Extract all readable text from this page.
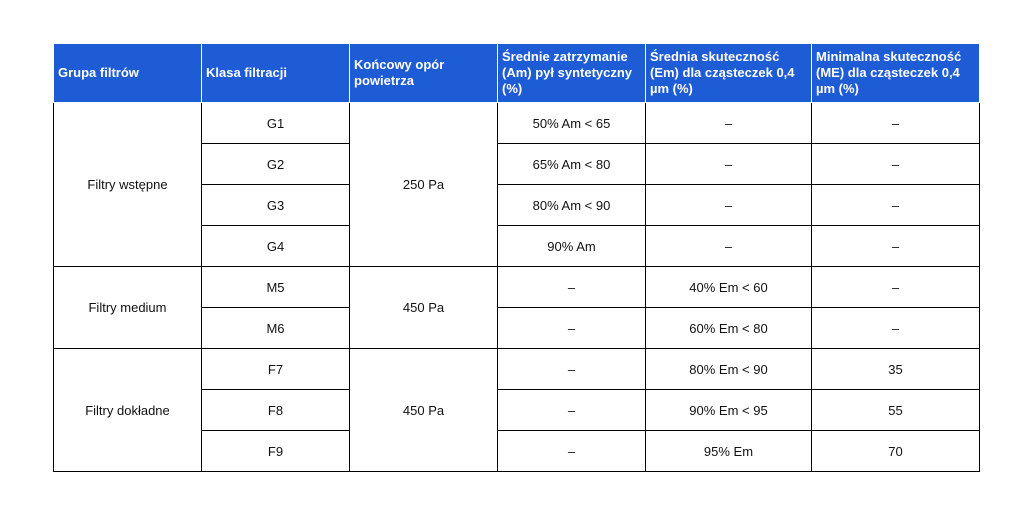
Grupa filtrów	Klasa filtracji	Końcowy opór powietrza	Średnie zatrzymanie (Am) pył syntetyczny (%)	Średnia skuteczność (Em) dla cząsteczek 0,4 µm (%)	Minimalna skuteczność (ME) dla cząsteczek 0,4 µm (%)
Filtry wstępne	G1	250 Pa	50% Am < 65	–	–
	G2		65% Am < 80	–	–
	G3		80% Am < 90	–	–
	G4		90% Am	–	–
Filtry medium	M5	450 Pa	–	40% Em < 60	–
	M6		–	60% Em < 80	–
Filtry dokładne	F7	450 Pa	–	80% Em < 90	35
	F8		–	90% Em < 95	55
	F9		–	95% Em	70
